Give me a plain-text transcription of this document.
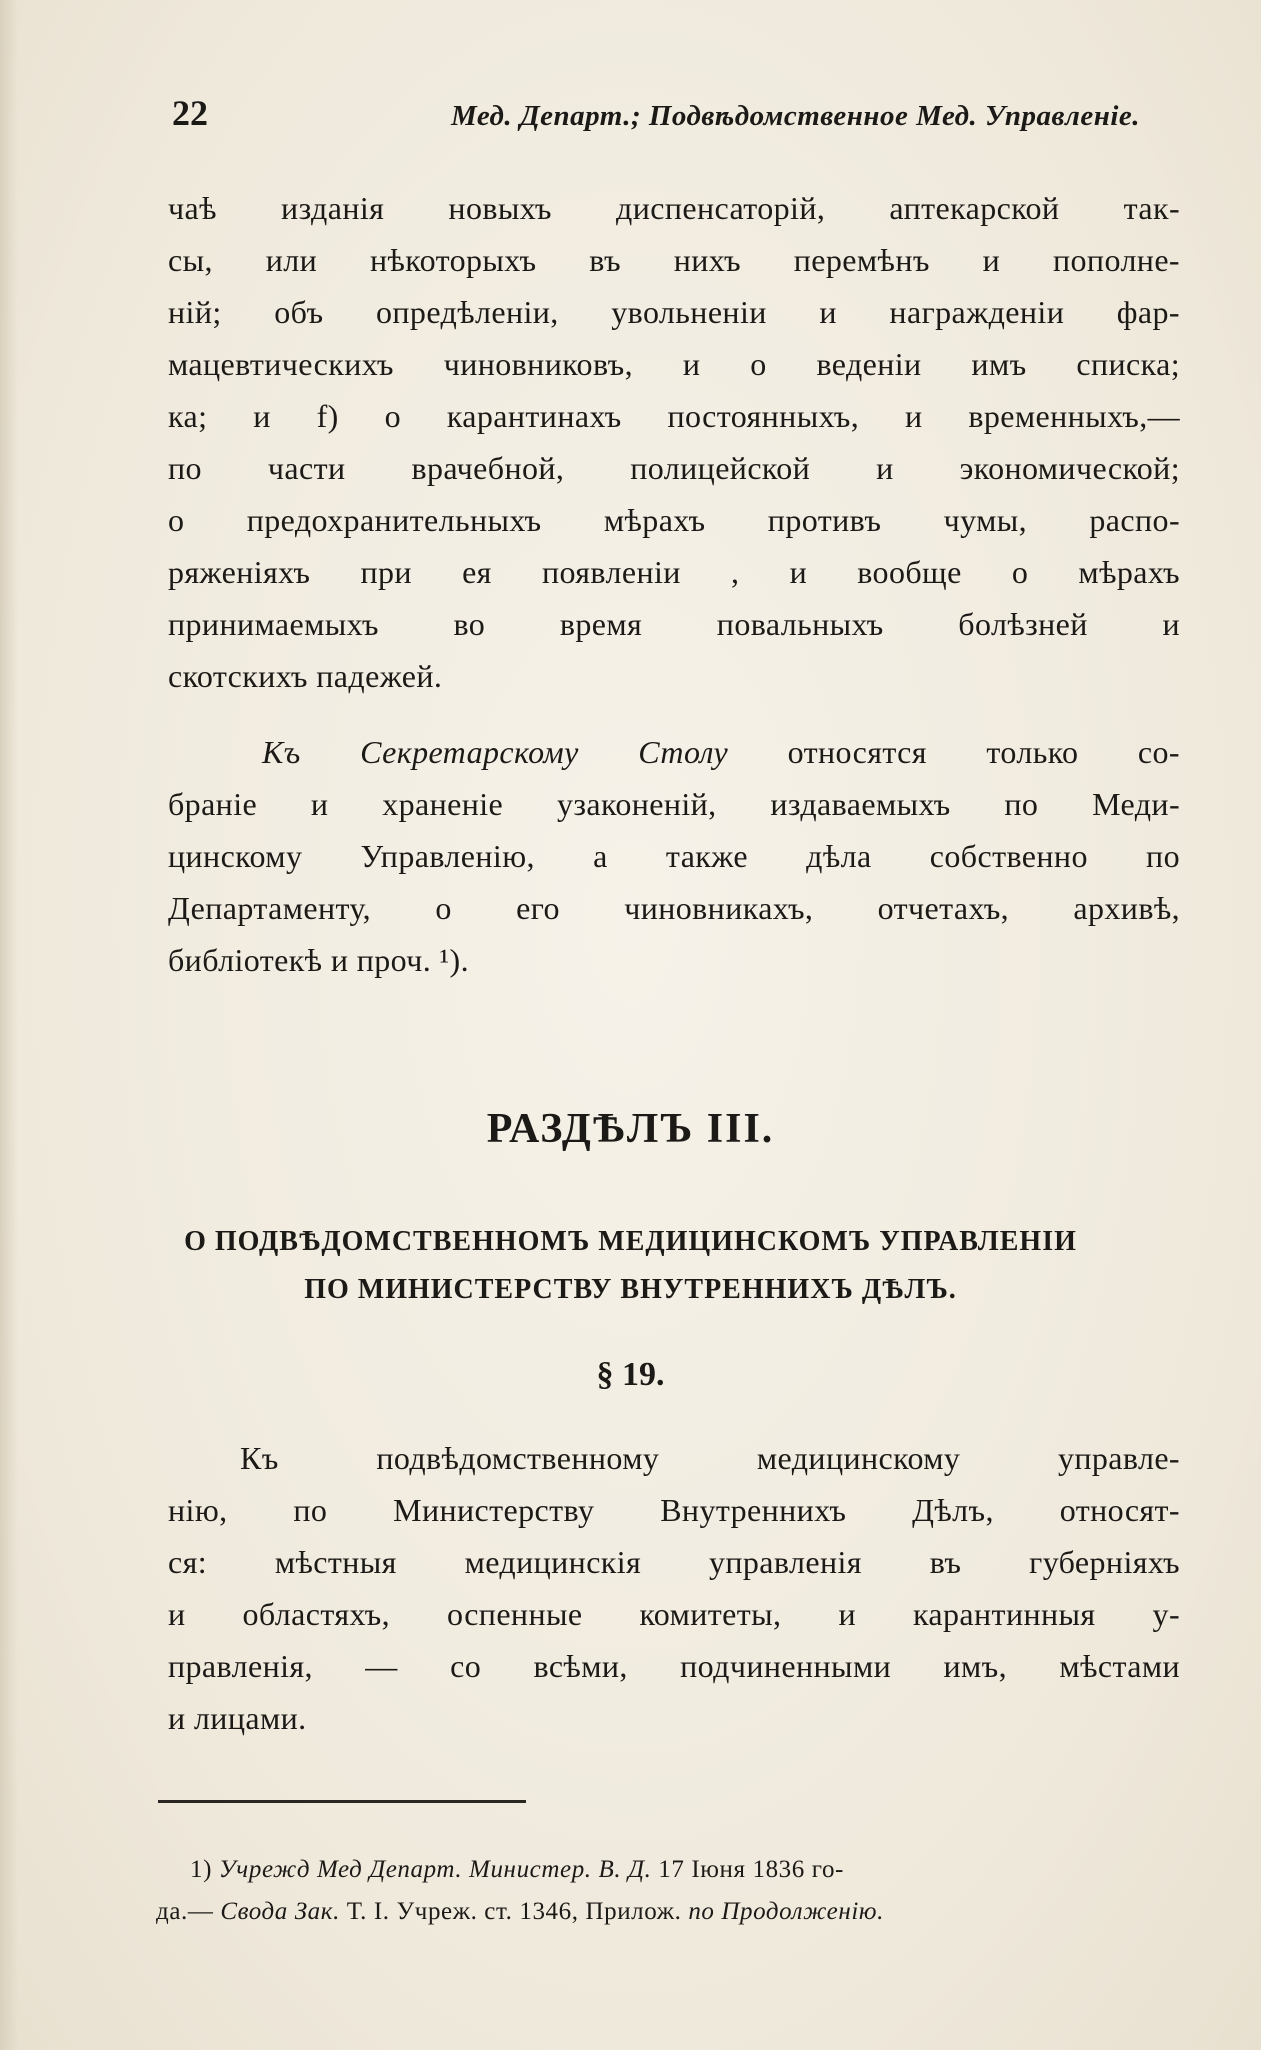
22	Мед. Департ.; Подвѣдомственное Мед. Управленіе.
чаѣ изданія новыхъ диспенсаторій, аптекарской так-
сы, или нѣкоторыхъ въ нихъ перемѣнъ и пополне-
ній; объ опредѣленіи, увольненіи и награжденіи фар-
мацевтическихъ чиновниковъ, и о веденіи имъ списка;
ка; и f) о карантинахъ постоянныхъ, и временныхъ,—
по части врачебной, полицейской и экономической;
о предохранительныхъ мѣрахъ противъ чумы, распо-
ряженіяхъ при ея появленіи , и вообще о мѣрахъ
принимаемыхъ во время повальныхъ болѣзней и
скотскихъ падежей.
Къ Секретарскому Столу относятся только со-
браніе и храненіе узаконеній, издаваемыхъ по Меди-
цинскому Управленію, а также дѣла собственно по
Департаменту, о его чиновникахъ, отчетахъ, архивѣ,
библіотекѣ и проч. ¹).
РАЗДѢЛЪ III.
О ПОДВѢДОМСТВЕННОМЪ МЕДИЦИНСКОМЪ УПРАВЛЕНІИ
ПО МИНИСТЕРСТВУ ВНУТРЕННИХЪ ДѢЛЪ.
§ 19.
Къ подвѣдомственному медицинскому управле-
нію, по Министерству Внутреннихъ Дѣлъ, относят-
ся: мѣстныя медицинскія управленія въ губерніяхъ
и областяхъ, оспенные комитеты, и карантинныя у-
правленія, — со всѣми, подчиненными имъ, мѣстами
и лицами.
1) Учрежд Мед Департ. Министер. В. Д. 17 Іюня 1836 го-
да.— Свода Зак. Т. I. Учреж. ст. 1346, Прилож. по Продолженію.
